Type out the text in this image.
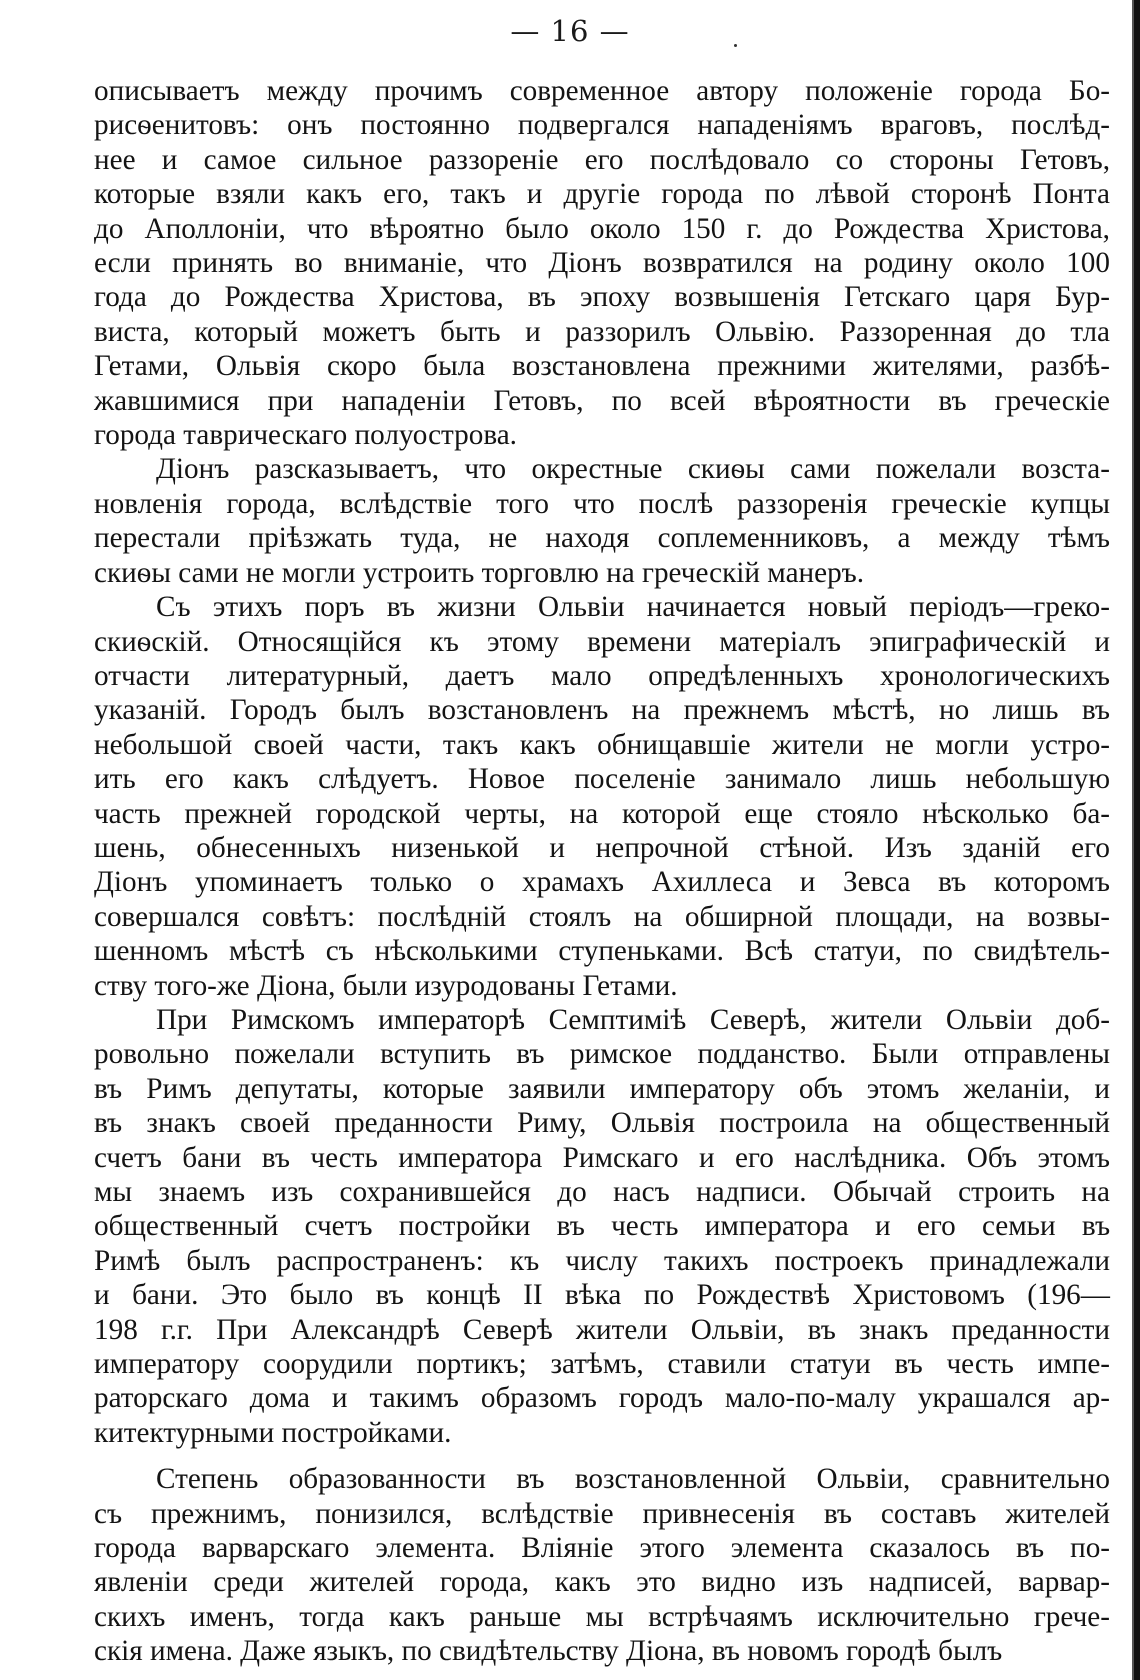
— 16 —
описываетъ между прочимъ современное автору положеніе города Бо-
рисѳенитовъ: онъ постоянно подвергался нападеніямъ враговъ, послѣд-
нее и самое сильное раззореніе его послѣдовало со стороны Гетовъ,
которые взяли какъ его, такъ и другіе города по лѣвой сторонѣ Понта
до Аполлоніи, что вѣроятно было около 150 г. до Рождества Христова,
если принять во вниманіе, что Діонъ возвратился на родину около 100
года до Рождества Христова, въ эпоху возвышенія Гетскаго царя Бур-
виста, который можетъ быть и раззорилъ Ольвію. Раззоренная до тла
Гетами, Ольвія скоро была возстановлена прежними жителями, разбѣ-
жавшимися при нападеніи Гетовъ, по всей вѣроятности въ греческіе
города таврическаго полуострова.
Діонъ разсказываетъ, что окрестные скиѳы сами пожелали возста-
новленія города, вслѣдствіе того что послѣ раззоренія греческіе купцы
перестали пріѣзжать туда, не находя соплеменниковъ, а между тѣмъ
скиѳы сами не могли устроить торговлю на греческій манеръ.
Съ этихъ поръ въ жизни Ольвіи начинается новый періодъ—греко-
скиѳскій. Относящійся къ этому времени матеріалъ эпиграфическій и
отчасти литературный, даетъ мало опредѣленныхъ хронологическихъ
указаній. Городъ былъ возстановленъ на прежнемъ мѣстѣ, но лишь въ
небольшой своей части, такъ какъ обнищавшіе жители не могли устро-
ить его какъ слѣдуетъ. Новое поселеніе занимало лишь небольшую
часть прежней городской черты, на которой еще стояло нѣсколько ба-
шень, обнесенныхъ низенькой и непрочной стѣной. Изъ зданій его
Діонъ упоминаетъ только о храмахъ Ахиллеса и Зевса въ которомъ
совершался совѣтъ: послѣдній стоялъ на обширной площади, на возвы-
шенномъ мѣстѣ съ нѣсколькими ступеньками. Всѣ статуи, по свидѣтель-
ству того-же Діона, были изуродованы Гетами.
При Римскомъ императорѣ Семптиміѣ Северѣ, жители Ольвіи доб-
ровольно пожелали вступить въ римское подданство. Были отправлены
въ Римъ депутаты, которые заявили императору объ этомъ желаніи, и
въ знакъ своей преданности Риму, Ольвія построила на общественный
счетъ бани въ честь императора Римскаго и его наслѣдника. Объ этомъ
мы знаемъ изъ сохранившейся до насъ надписи. Обычай строить на
общественный счетъ постройки въ честь императора и его семьи въ
Римѣ былъ распространенъ: къ числу такихъ построекъ принадлежали
и бани. Это было въ концѣ II вѣка по Рождествѣ Христовомъ (196—
198 г.г. При Александрѣ Северѣ жители Ольвіи, въ знакъ преданности
императору соорудили портикъ; затѣмъ, ставили статуи въ честь импе-
раторскаго дома и такимъ образомъ городъ мало-по-малу украшался ар-
китектурными постройками.
Степень образованности въ возстановленной Ольвіи, сравнительно
съ прежнимъ, понизился, вслѣдствіе привнесенія въ составъ жителей
города варварскаго элемента. Вліяніе этого элемента сказалось въ по-
явленіи среди жителей города, какъ это видно изъ надписей, варвар-
скихъ именъ, тогда какъ раньше мы встрѣчаямъ исключительно грече-
скія имена. Даже языкъ, по свидѣтельству Діона, въ новомъ городѣ былъ
